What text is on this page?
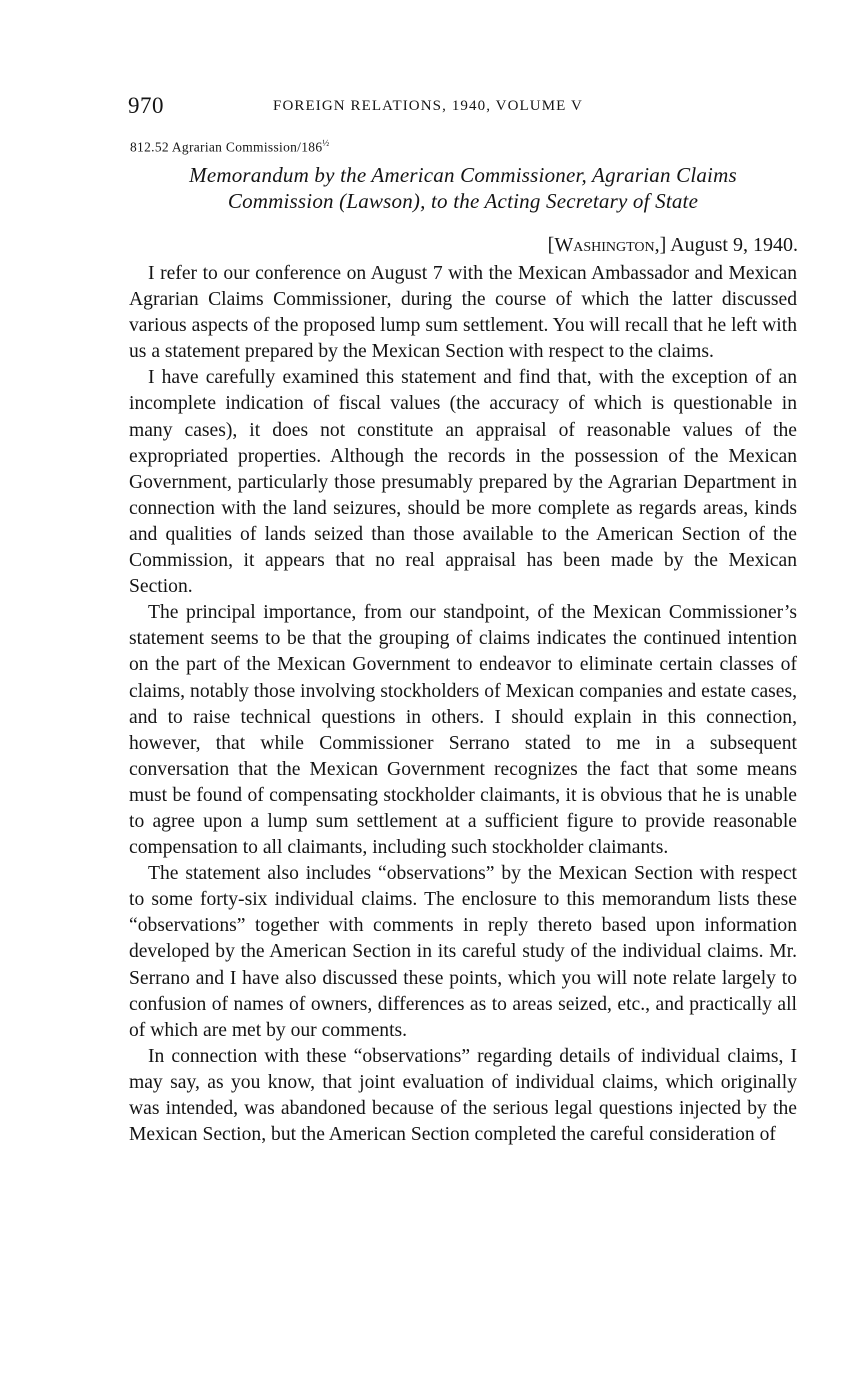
970	FOREIGN RELATIONS, 1940, VOLUME V
812.52 Agrarian Commission/$186^{\frac{1}{2}}$
Memorandum by the American Commissioner, Agrarian Claims
Commission (Lawson), to the Acting Secretary of State
[Washington,] August 9, 1940.

I refer to our conference on August 7 with the Mexican Ambassador and Mexican Agrarian Claims Commissioner, during the course of which the latter discussed various aspects of the proposed lump sum settlement. You will recall that he left with us a statement prepared by the Mexican Section with respect to the claims.

I have carefully examined this statement and find that, with the exception of an incomplete indication of fiscal values (the accuracy of which is questionable in many cases), it does not constitute an appraisal of reasonable values of the expropriated properties. Although the records in the possession of the Mexican Government, particularly those presumably prepared by the Agrarian Department in connection with the land seizures, should be more complete as regards areas, kinds and qualities of lands seized than those available to the American Section of the Commission, it appears that no real appraisal has been made by the Mexican Section.

The principal importance, from our standpoint, of the Mexican Commissioner’s statement seems to be that the grouping of claims indicates the continued intention on the part of the Mexican Government to endeavor to eliminate certain classes of claims, notably those involving stockholders of Mexican companies and estate cases, and to raise technical questions in others. I should explain in this connection, however, that while Commissioner Serrano stated to me in a subsequent conversation that the Mexican Government recognizes the fact that some means must be found of compensating stockholder claimants, it is obvious that he is unable to agree upon a lump sum settlement at a sufficient figure to provide reasonable compensation to all claimants, including such stockholder claimants.

The statement also includes “observations” by the Mexican Section with respect to some forty-six individual claims. The enclosure to this memorandum lists these “observations” together with comments in reply thereto based upon information developed by the American Section in its careful study of the individual claims. Mr. Serrano and I have also discussed these points, which you will note relate largely to confusion of names of owners, differences as to areas seized, etc., and practically all of which are met by our comments.

In connection with these “observations” regarding details of individual claims, I may say, as you know, that joint evaluation of individual claims, which originally was intended, was abandoned because of the serious legal questions injected by the Mexican Section, but the American Section completed the careful consideration of
